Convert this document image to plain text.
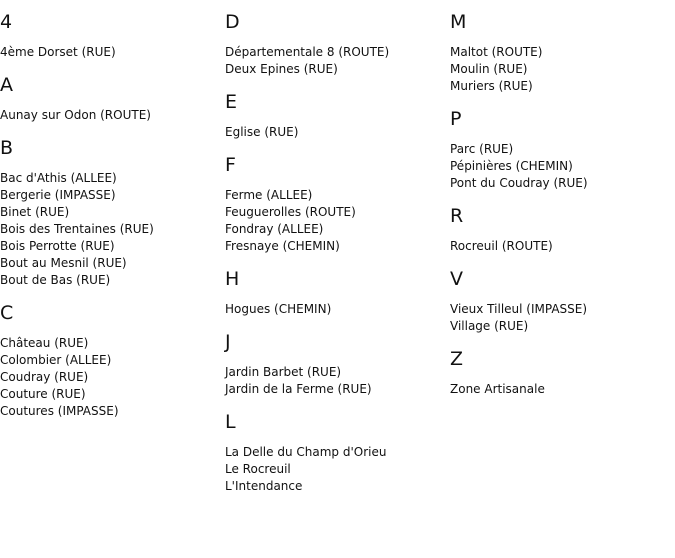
4
4ème Dorset (RUE)
A
Aunay sur Odon (ROUTE)
B
Bac d'Athis (ALLEE)
Bergerie (IMPASSE)
Binet (RUE)
Bois des Trentaines (RUE)
Bois Perrotte (RUE)
Bout au Mesnil (RUE)
Bout de Bas (RUE)
C
Château (RUE)
Colombier (ALLEE)
Coudray (RUE)
Couture (RUE)
Coutures (IMPASSE)
D
Départementale 8 (ROUTE)
Deux Epines (RUE)
E
Eglise (RUE)
F
Ferme (ALLEE)
Feuguerolles (ROUTE)
Fondray (ALLEE)
Fresnaye (CHEMIN)
H
Hogues (CHEMIN)
J
Jardin Barbet (RUE)
Jardin de la Ferme (RUE)
L
La Delle du Champ d'Orieu
Le Rocreuil
L'Intendance
M
Maltot (ROUTE)
Moulin (RUE)
Muriers (RUE)
P
Parc (RUE)
Pépinières (CHEMIN)
Pont du Coudray (RUE)
R
Rocreuil (ROUTE)
V
Vieux Tilleul (IMPASSE)
Village (RUE)
Z
Zone Artisanale
